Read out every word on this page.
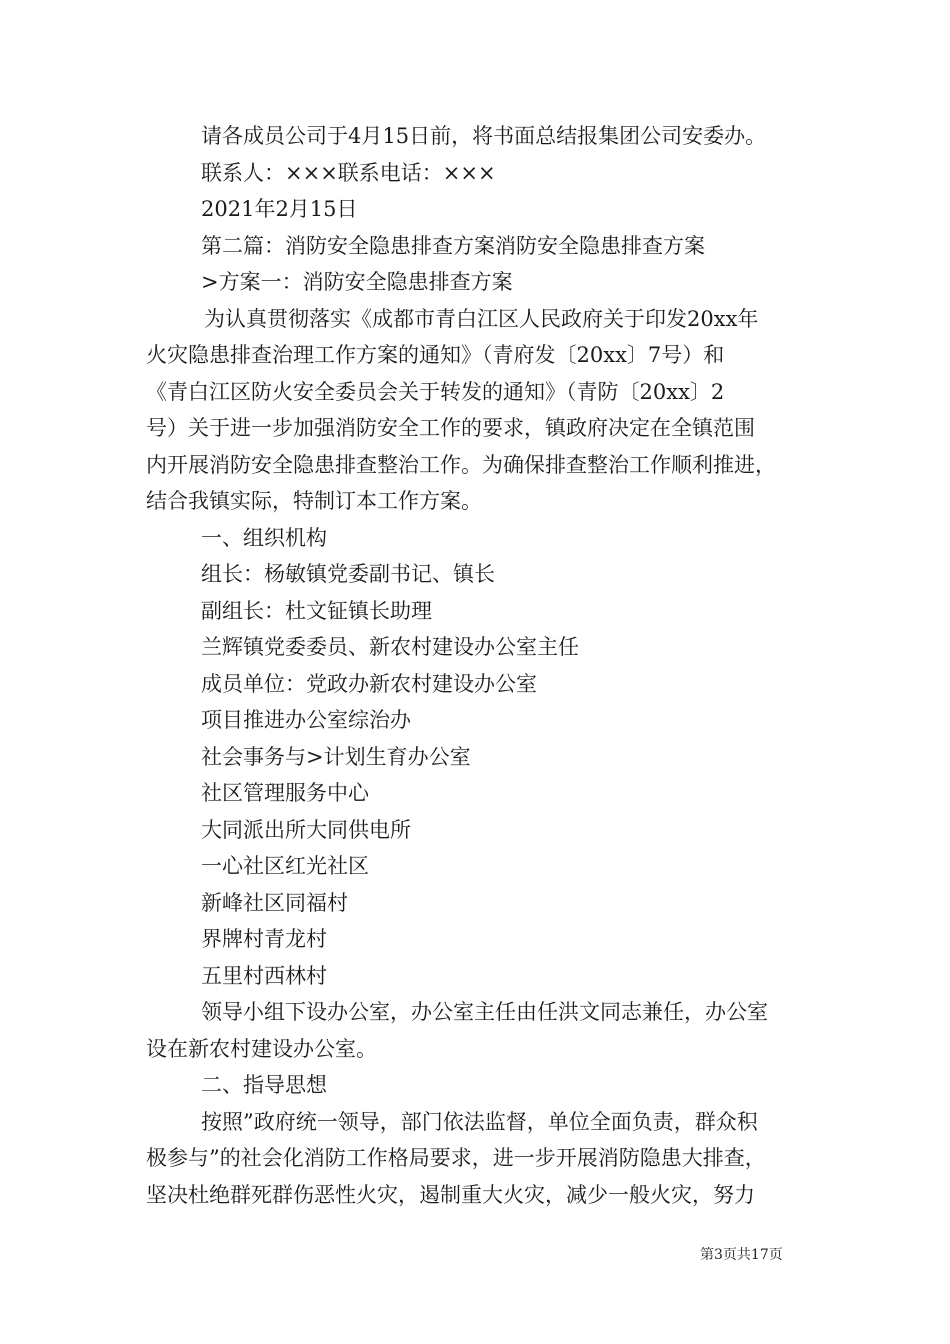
请各成员公司于4月15日前，将书面总结报集团公司安委办。

联系人：×××联系电话：×××

2021年2月15日

第二篇：消防安全隐患排查方案消防安全隐患排查方案

>方案一：消防安全隐患排查方案

为认真贯彻落实《成都市青白江区人民政府关于印发20xx年

火灾隐患排查治理工作方案的通知》（青府发〔20xx〕7号）和

《青白江区防火安全委员会关于转发的通知》（青防〔20xx〕2

号）关于进一步加强消防安全工作的要求，镇政府决定在全镇范围

内开展消防安全隐患排查整治工作。为确保排查整治工作顺利推进，

结合我镇实际，特制订本工作方案。

一、组织机构

组长：杨敏镇党委副书记、镇长

副组长：杜文钲镇长助理

兰辉镇党委委员、新农村建设办公室主任

成员单位：党政办新农村建设办公室

项目推进办公室综治办

社会事务与>计划生育办公室

社区管理服务中心

大同派出所大同供电所

一心社区红光社区

新峰社区同福村

界牌村青龙村

五里村西林村

领导小组下设办公室，办公室主任由任洪文同志兼任，办公室

设在新农村建设办公室。

二、指导思想

按照”政府统一领导，部门依法监督，单位全面负责，群众积

极参与”的社会化消防工作格局要求，进一步开展消防隐患大排查，

坚决杜绝群死群伤恶性火灾，遏制重大火灾，减少一般火灾，努力

第3页共17页
